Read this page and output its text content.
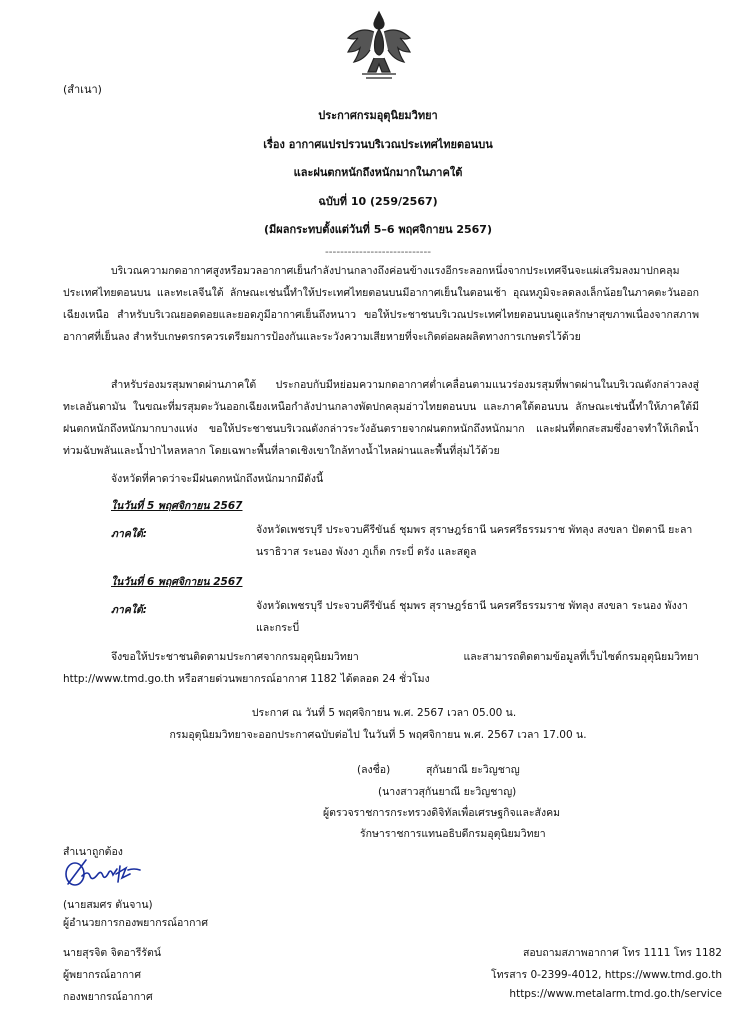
(สำเนา)
ประกาศกรมอุตุนิยมวิทยา
เรื่อง อากาศแปรปรวนบริเวณประเทศไทยตอนบน
และฝนตกหนักถึงหนักมากในภาคใต้
ฉบับที่ 10 (259/2567)
(มีผลกระทบตั้งแต่วันที่ 5–6 พฤศจิกายน 2567)
----------------------------
บริเวณความกดอากาศสูงหรือมวลอากาศเย็นกำลังปานกลางถึงค่อนข้างแรงอีกระลอกหนึ่งจากประเทศจีนจะแผ่เสริมลงมาปกคลุมประเทศไทยตอนบน และทะเลจีนใต้ ลักษณะเช่นนี้ทำให้ประเทศไทยตอนบนมีอากาศเย็นในตอนเช้า อุณหภูมิจะลดลงเล็กน้อยในภาคตะวันออกเฉียงเหนือ สำหรับบริเวณยอดดอยและยอดภูมีอากาศเย็นถึงหนาว ขอให้ประชาชนบริเวณประเทศไทยตอนบนดูแลรักษาสุขภาพเนื่องจากสภาพอากาศที่เย็นลง สำหรับเกษตรกรควรเตรียมการป้องกันและระวังความเสียหายที่จะเกิดต่อผลผลิตทางการเกษตรไว้ด้วย
สำหรับร่องมรสุมพาดผ่านภาคใต้ ประกอบกับมีหย่อมความกดอากาศต่ำเคลื่อนตามแนวร่องมรสุมที่พาดผ่านในบริเวณดังกล่าวลงสู่ทะเลอันดามัน ในขณะที่มรสุมตะวันออกเฉียงเหนือกำลังปานกลางพัดปกคลุมอ่าวไทยตอนบน และภาคใต้ตอนบน ลักษณะเช่นนี้ทำให้ภาคใต้มีฝนตกหนักถึงหนักมากบางแห่ง ขอให้ประชาชนบริเวณดังกล่าวระวังอันตรายจากฝนตกหนักถึงหนักมาก และฝนที่ตกสะสมซึ่งอาจทำให้เกิดน้ำท่วมฉับพลันและน้ำป่าไหลหลาก โดยเฉพาะพื้นที่ลาดเชิงเขาใกล้ทางน้ำไหลผ่านและพื้นที่ลุ่มไว้ด้วย
จังหวัดที่คาดว่าจะมีฝนตกหนักถึงหนักมากมีดังนี้
ในวันที่ 5 พฤศจิกายน 2567
ภาคใต้:	จังหวัดเพชรบุรี ประจวบคีรีขันธ์ ชุมพร สุราษฎร์ธานี นครศรีธรรมราช พัทลุง สงขลา ปัตตานี ยะลา นราธิวาส ระนอง พังงา ภูเก็ต กระบี่ ตรัง และสตูล
ในวันที่ 6 พฤศจิกายน 2567
ภาคใต้:	จังหวัดเพชรบุรี ประจวบคีรีขันธ์ ชุมพร สุราษฎร์ธานี นครศรีธรรมราช พัทลุง สงขลา ระนอง พังงา และกระบี่
จึงขอให้ประชาชนติดตามประกาศจากกรมอุตุนิยมวิทยา และสามารถติดตามข้อมูลที่เว็บไซต์กรมอุตุนิยมวิทยา http://www.tmd.go.th หรือสายด่วนพยากรณ์อากาศ 1182 ได้ตลอด 24 ชั่วโมง
ประกาศ ณ วันที่ 5 พฤศจิกายน พ.ศ. 2567 เวลา 05.00 น.
กรมอุตุนิยมวิทยาจะออกประกาศฉบับต่อไป ในวันที่ 5 พฤศจิกายน พ.ศ. 2567 เวลา 17.00 น.
(ลงชื่อ)	สุกันยาณี ยะวิญชาญ
(นางสาวสุกันยาณี ยะวิญชาญ)
ผู้ตรวจราชการกระทรวงดิจิทัลเพื่อเศรษฐกิจและสังคม
รักษาราชการแทนอธิบดีกรมอุตุนิยมวิทยา
สำเนาถูกต้อง
(นายสมศร ตันจาน)
ผู้อำนวยการกองพยากรณ์อากาศ
นายสุรจิต จิตอารีรัตน์
ผู้พยากรณ์อากาศ
กองพยากรณ์อากาศ
สอบถามสภาพอากาศ โทร 1111 โทร 1182
โทรสาร 0-2399-4012, https://www.tmd.go.th
https://www.metalarm.tmd.go.th/service
